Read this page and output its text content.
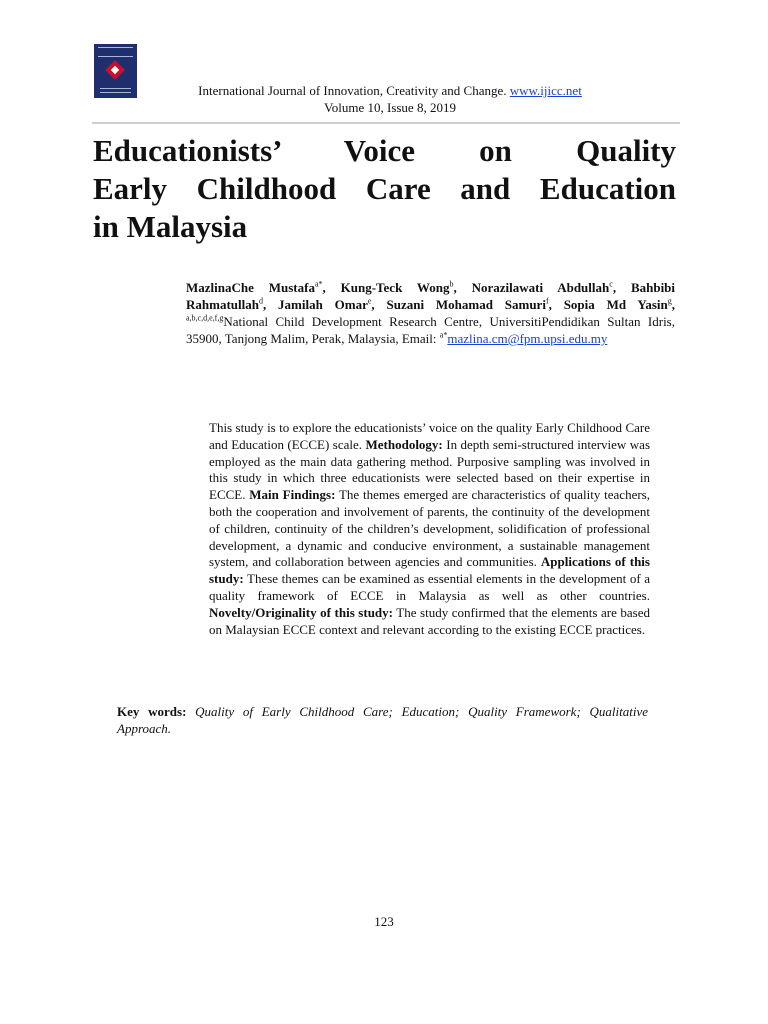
International Journal of Innovation, Creativity and Change. www.ijicc.net
Volume 10, Issue 8, 2019
Educationists’ Voice on Quality
Early Childhood Care and Education
in Malaysia
MazlinaChe Mustafa$^{a*}$, Kung-Teck Wong$^b$, Norazilawati Abdullah$^c$, Bahbibi Rahmatullah$^d$, Jamilah Omar$^e$, Suzani Mohamad Samuri$^f$, Sopia Md Yasin$^g$, $^{a,b,c,d,e,f,g}$National Child Development Research Centre, UniversitiPendidikan Sultan Idris, 35900, Tanjong Malim, Perak, Malaysia, Email: $^{a*}$mazlina.cm@fpm.upsi.edu.my
This study is to explore the educationists’ voice on the quality Early Childhood Care and Education (ECCE) scale. Methodology: In depth semi-structured interview was employed as the main data gathering method. Purposive sampling was involved in this study in which three educationists were selected based on their expertise in ECCE. Main Findings: The themes emerged are characteristics of quality teachers, both the cooperation and involvement of parents, the continuity of the development of children, continuity of the children’s development, solidification of professional development, a dynamic and conducive environment, a sustainable management system, and collaboration between agencies and communities. Applications of this study: These themes can be examined as essential elements in the development of a quality framework of ECCE in Malaysia as well as other countries. Novelty/Originality of this study: The study confirmed that the elements are based on Malaysian ECCE context and relevant according to the existing ECCE practices.
Key words: Quality of Early Childhood Care; Education; Quality Framework; Qualitative Approach.
123
